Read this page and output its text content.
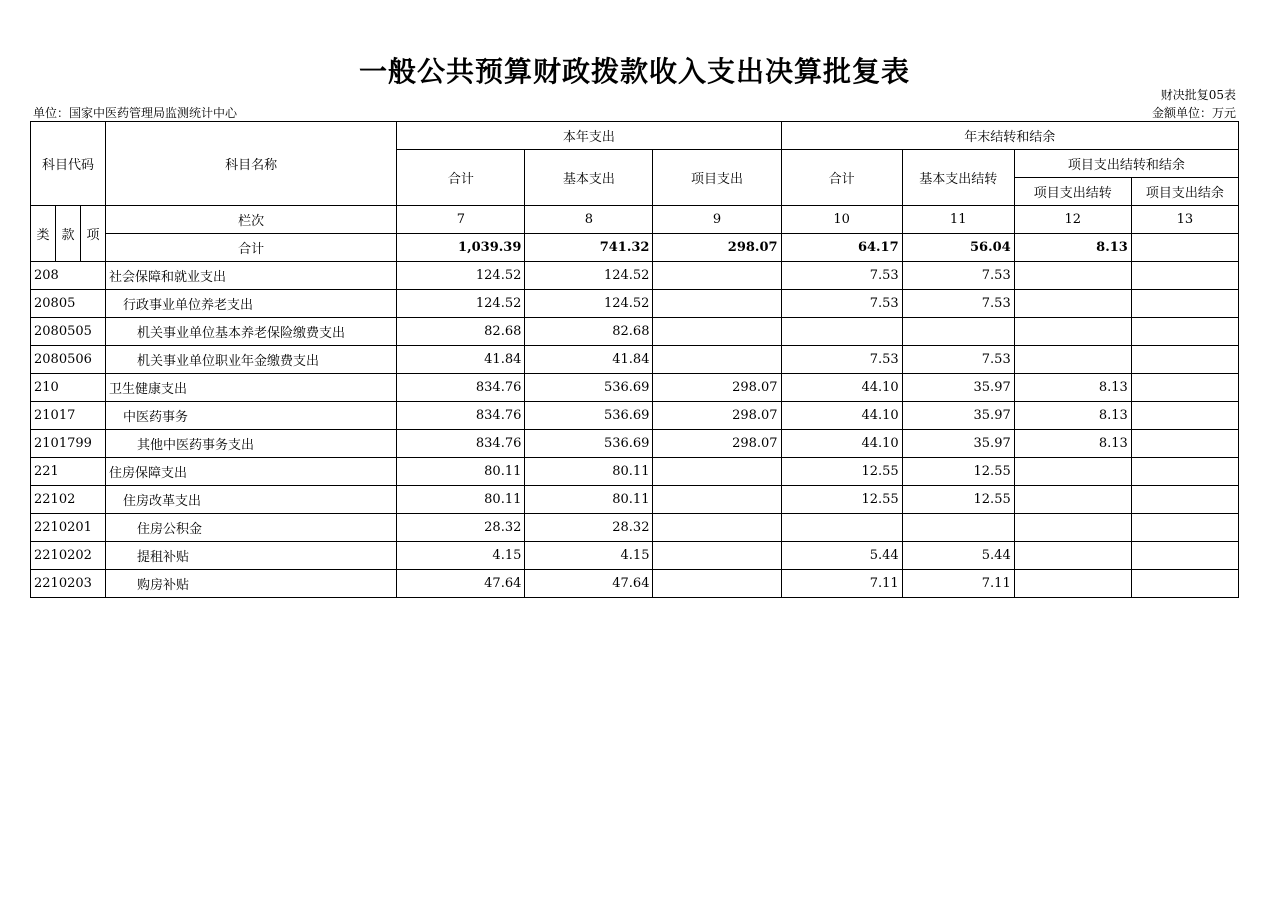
一般公共预算财政拨款收入支出决算批复表
财决批复05表
单位：国家中医药管理局监测统计中心	金额单位：万元
科目代码			科目名称	本年支出			年末结转和结余			
				合计	基本支出	项目支出	合计	基本支出结转	项目支出结转和结余	
									项目支出结转	项目支出结余

类	款	项	栏次	7	8	9	10	11	12	13
			合计	1,039.39	741.32	298.07	64.17	56.04	8.13	
208			社会保障和就业支出	124.52	124.52		7.53	7.53		
20805			行政事业单位养老支出	124.52	124.52		7.53	7.53		
2080505			机关事业单位基本养老保险缴费支出	82.68	82.68					
2080506			机关事业单位职业年金缴费支出	41.84	41.84		7.53	7.53		
210			卫生健康支出	834.76	536.69	298.07	44.10	35.97	8.13	
21017			中医药事务	834.76	536.69	298.07	44.10	35.97	8.13	
2101799			其他中医药事务支出	834.76	536.69	298.07	44.10	35.97	8.13	
221			住房保障支出	80.11	80.11		12.55	12.55		
22102			住房改革支出	80.11	80.11		12.55	12.55		
2210201			住房公积金	28.32	28.32					
2210202			提租补贴	4.15	4.15		5.44	5.44		
2210203			购房补贴	47.64	47.64		7.11	7.11		
